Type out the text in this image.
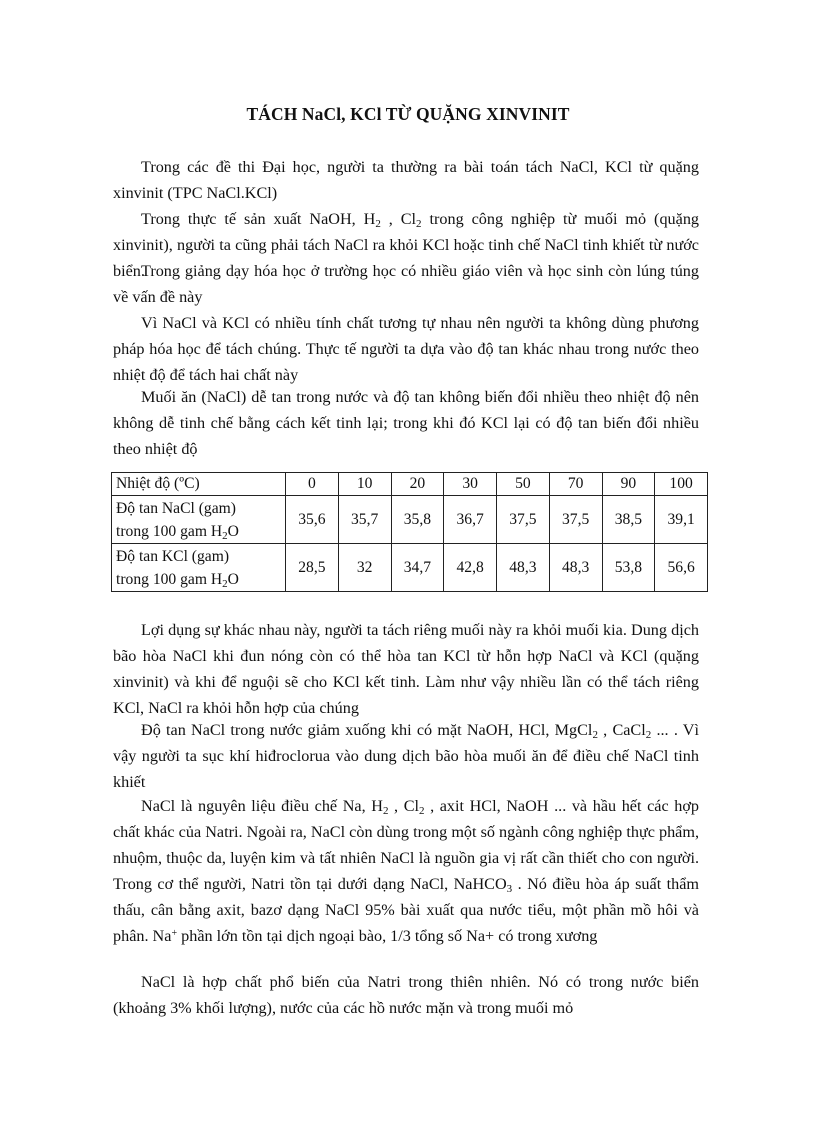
TÁCH NaCl, KCl TỪ QUẶNG XINVINIT

Trong các đề thi Đại học, người ta thường ra bài toán tách NaCl, KCl từ quặng xinvinit (TPC NaCl.KCl)

Trong thực tế sản xuất NaOH, $H_2$ , $Cl_2$ trong công nghiệp từ muối mỏ (quặng xinvinit), người ta cũng phải tách NaCl ra khỏi KCl hoặc tinh chế NaCl tinh khiết từ nước biển.

Trong giảng dạy hóa học ở trường học có nhiều giáo viên và học sinh còn lúng túng về vấn đề này

Vì NaCl và KCl có nhiều tính chất tương tự nhau nên người ta không dùng phương pháp hóa học để tách chúng. Thực tế người ta dựa vào độ tan khác nhau trong nước theo nhiệt độ để tách hai chất này

Muối ăn (NaCl) dễ tan trong nước và độ tan không biến đổi nhiều theo nhiệt độ nên không dễ tinh chế bằng cách kết tinh lại; trong khi đó KCl lại có độ tan biến đổi nhiều theo nhiệt độ

Nhiệt độ (ºC)	0	10	20	30	50	70	90	100
Độ tan NaCl (gam)
trong 100 gam $H_2O$	35,6	35,7	35,8	36,7	37,5	37,5	38,5	39,1
Độ tan KCl (gam)
trong 100 gam $H_2O$	28,5	32	34,7	42,8	48,3	48,3	53,8	56,6

Lợi dụng sự khác nhau này, người ta tách riêng muối này ra khỏi muối kia. Dung dịch bão hòa NaCl khi đun nóng còn có thể hòa tan KCl từ hỗn hợp NaCl và KCl (quặng xinvinit) và khi để nguội sẽ cho KCl kết tinh. Làm như vậy nhiều lần có thể tách riêng KCl, NaCl ra khỏi hỗn hợp của chúng

Độ tan NaCl trong nước giảm xuống khi có mặt NaOH, HCl, MgCl$_2$ , CaCl$_2$ ... . Vì vậy người ta sục khí hiđroclorua vào dung dịch bão hòa muối ăn để điều chế NaCl tinh khiết

NaCl là nguyên liệu điều chế Na, $H_2$ , $Cl_2$ , axit HCl, NaOH ... và hầu hết các hợp chất khác của Natri. Ngoài ra, NaCl còn dùng trong một số ngành công nghiệp thực phẩm, nhuộm, thuộc da, luyện kim và tất nhiên NaCl là nguồn gia vị rất cần thiết cho con người. Trong cơ thể người, Natri tồn tại dưới dạng NaCl, NaHCO$_3$ . Nó điều hòa áp suất thẩm thấu, cân bằng axit, bazơ dạng NaCl 95% bài xuất qua nước tiểu, một phần mồ hôi và phân. Na+ phần lớn tồn tại dịch ngoại bào, 1/3 tổng số Na+ có trong xương

NaCl là hợp chất phổ biến của Natri trong thiên nhiên. Nó có trong nước biển (khoảng 3% khối lượng), nước của các hồ nước mặn và trong muối mỏ
